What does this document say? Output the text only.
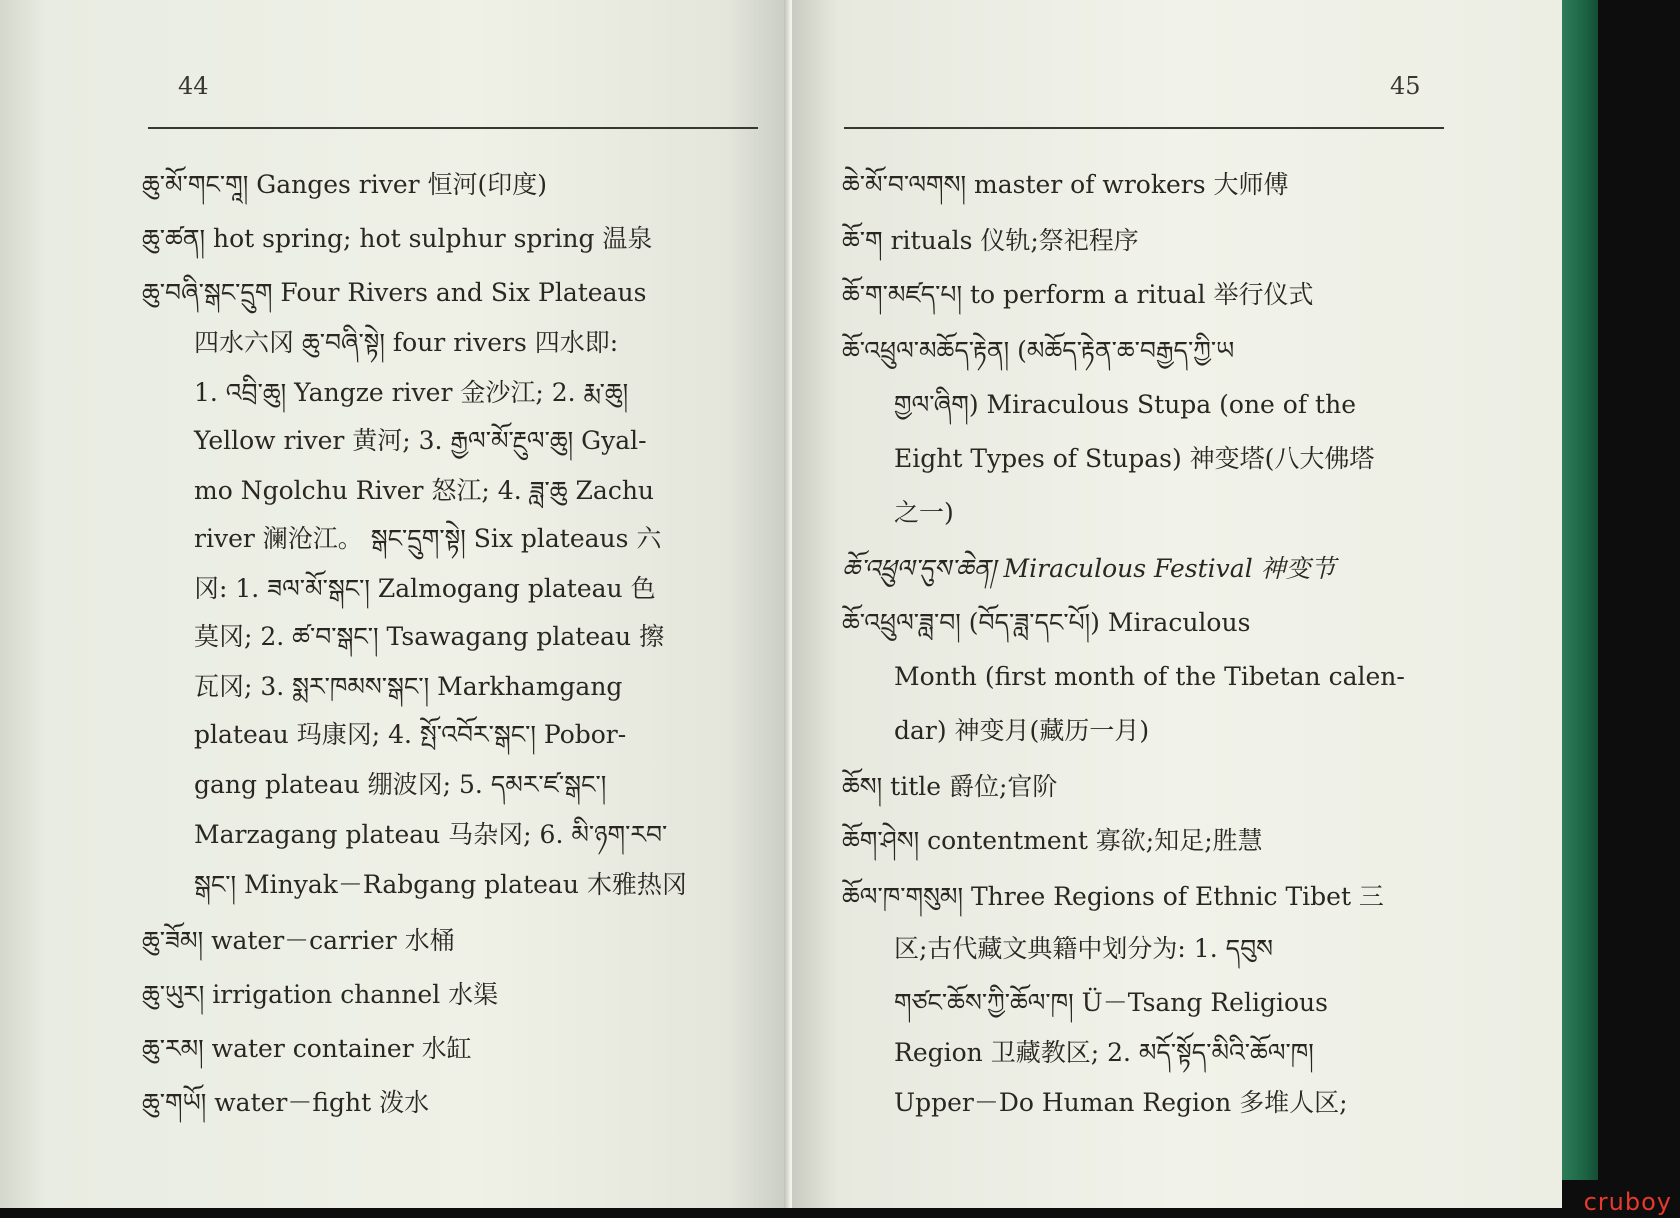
44
ཆུ་མོ་གང་གཱ། Ganges river 恒河(印度)
ཆུ་ཚན། hot spring; hot sulphur spring 温泉
ཆུ་བཞི་སྒང་དྲུག Four Rivers and Six Plateaus
四水六冈 ཆུ་བཞི་སྟེ། four rivers 四水即:
1. འབྲི་ཆུ། Yangze river 金沙江; 2. རྨ་ཆུ།
Yellow river 黄河; 3. རྒྱལ་མོ་རྔུལ་ཆུ། Gyal-
mo Ngolchu River 怒江; 4. ཟླ་ཆུ Zachu
river 澜沧江。 སྒང་དྲུག་སྟེ། Six plateaus 六
冈: 1. ཟལ་མོ་སྒང་། Zalmogang plateau 色
莫冈; 2. ཚ་བ་སྒང་། Tsawagang plateau 擦
瓦冈; 3. སྨར་ཁམས་སྒང་། Markhamgang
plateau 玛康冈; 4. སྤོ་འབོར་སྒང་། Pobor-
gang plateau 绷波冈; 5. དམར་ཛ་སྒང་།
Marzagang plateau 马杂冈; 6. མི་ཉག་རབ་
སྒང་། Minyak－Rabgang plateau 木雅热冈
ཆུ་ཟོམ། water－carrier 水桶
ཆུ་ཡུར། irrigation channel 水渠
ཆུ་རམ། water container 水缸
ཆུ་གཡོ། water－fight 泼水
45
ཆེ་མོ་བ་ལགས། master of wrokers 大师傅
ཆོ་ག rituals 仪轨;祭祀程序
ཆོ་ག་མཛད་པ། to perform a ritual 举行仪式
ཆོ་འཕྲུལ་མཆོད་རྟེན། (མཆོད་རྟེན་ཆ་བརྒྱད་ཀྱི་ཡ
གྱལ་ཞིག) Miraculous Stupa (one of the
Eight Types of Stupas) 神变塔(八大佛塔
之一)
ཆོ་འཕྲུལ་དུས་ཆེན། Miraculous Festival 神变节
ཆོ་འཕྲུལ་ཟླ་བ། (བོད་ཟླ་དང་པོ།) Miraculous
Month (first month of the Tibetan calen-
dar) 神变月(藏历一月)
ཆོས། title 爵位;官阶
ཆོག་ཤེས། contentment 寡欲;知足;胜慧
ཆོལ་ཁ་གསུམ། Three Regions of Ethnic Tibet 三
区;古代藏文典籍中划分为: 1. དབུས
གཙང་ཆོས་ཀྱི་ཆོལ་ཁ། Ü－Tsang Religious
Region 卫藏教区; 2. མདོ་སྟོད་མིའི་ཆོལ་ཁ།
Upper－Do Human Region 多堆人区;
cruboy
